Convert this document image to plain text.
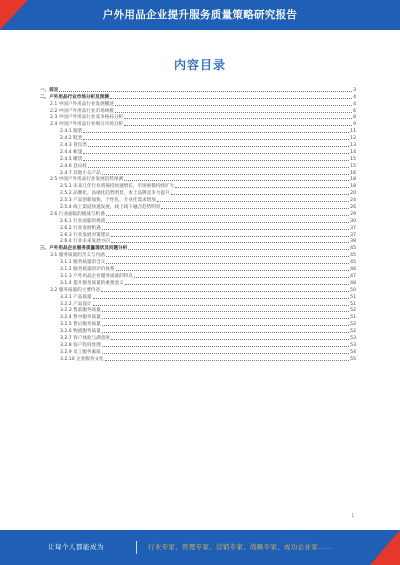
户外用品企业提升服务质量策略研究报告
内容目录
一、前言	3
二、户外用品行业市场分析及预测	4
2.1 中国户外用品行业发展概述	4
2.2 中国户外用品行业市场规模	6
2.3 中国户外用品行业竞争格局分析	8
2.4 中国户外用品行业细分市场分析	9
2.4.1 服装	11
2.4.2 鞋类	12
2.4.3 背包类	13
2.4.4 帐篷	14
2.4.5 睡袋	15
2.4.6 登山杖	15
2.4.7 其他小众产品	16
2.5 中国户外用品行业发展趋势预测	18
2.5.1 未来几年行业将保持快速增长，市场规模持续扩大	18
2.5.2 品牌化、高端化趋势明显，本土品牌竞争力提升	20
2.5.3 产品创新加快，个性化、专业化需求增加	24
2.5.4 线上渠道快速发展，线上线下融合趋势明显	26
2.6 行业面临的挑战与机遇	29
2.6.1 行业面临的挑战	30
2.6.2 行业发展机遇	37
2.6.3 行业发展对策建议	37
2.6.4 行业未来发展方向	38
三、户外用品企业服务质量现状及问题分析	45
3.1 服务质量的含义与内涵	45
3.1.1 服务质量的含义	45
3.1.2 服务质量的评价体系	46
3.1.3 户外用品企业服务质量的特点	47
3.1.4 提升服务质量的重要意义	48
3.2 服务质量的主要内容	50
3.2.1 产品质量	51
3.2.2 产品设计	51
3.2.3 售前服务质量	52
3.2.4 售中服务质量	51
3.2.5 售后服务质量	52
3.2.6 物流服务质量	52
3.2.7 客户体验与满意度	53
3.2.8 客户投诉处理	53
3.2.9 员工服务素质	54
3.2.10 企业服务文化	55
1
让每个人都能成为	行业专家、管理专家、营销专家、战略专家、成功企业家……
